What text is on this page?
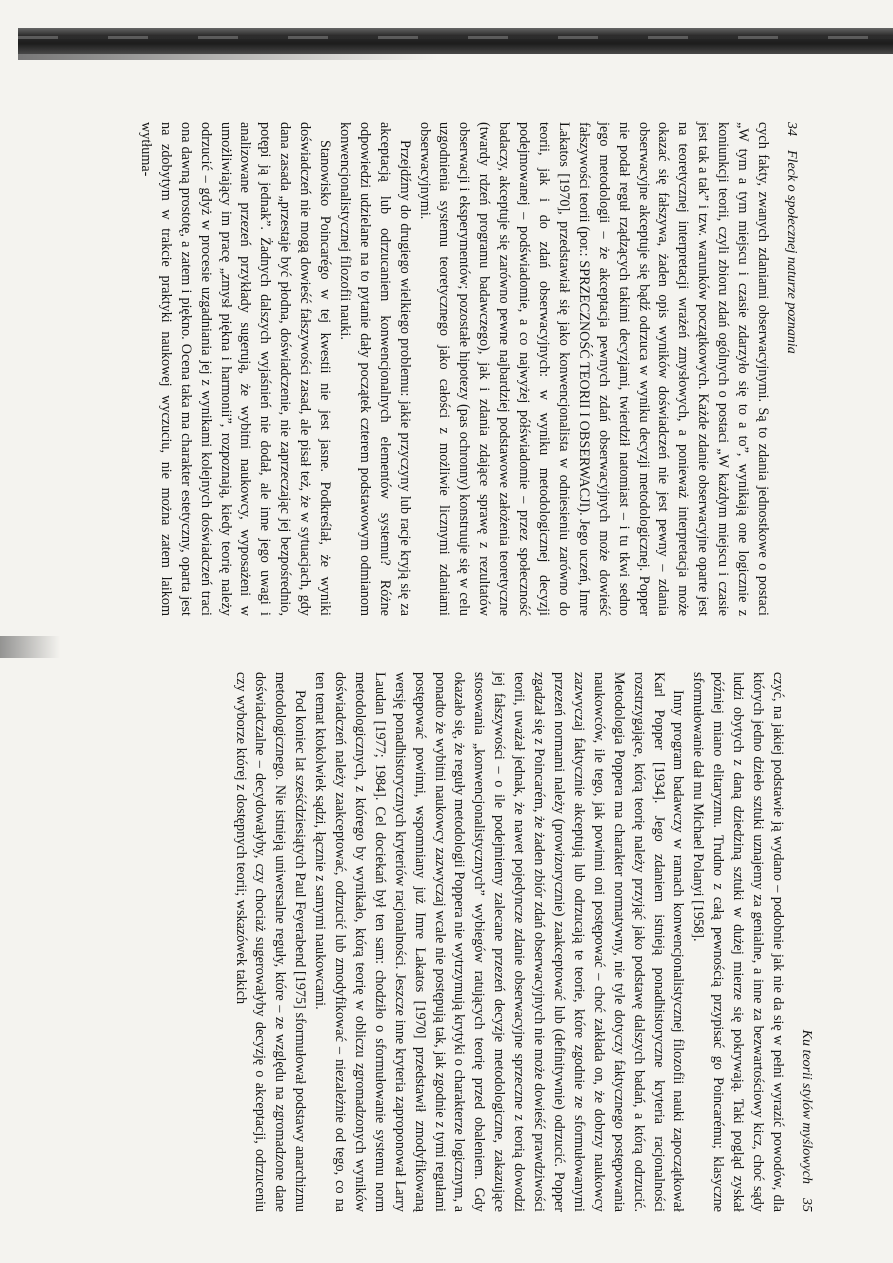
34
Fleck o społecznej naturze poznania

cych fakty, zwanych zdaniami obserwacyjnymi. Są to zdania jednostkowe o postaci „W tym a tym miejscu i czasie zdarzyło się to a to”, wynikają one logicznie z koniunkcji teorii, czyli zbioru zdań ogólnych o postaci „W każdym miejscu i czasie jest tak a tak” i tzw. warunków początkowych. Każde zdanie obserwacyjne oparte jest na teoretycznej interpretacji wrażeń zmysłowych, a ponieważ interpretacja może okazać się fałszywa, żaden opis wyników doświadczeń nie jest pewny – zdania obserwacyjne akceptuje się bądź odrzuca w wyniku decyzji metodologicznej. Popper nie podał reguł rządzących takimi decyzjami, twierdził natomiast – i tu tkwi sedno jego metodologii – że akceptacja pewnych zdań obserwacyjnych może dowieść fałszywości teorii (por.: SPRZECZNOŚĆ TEORII I OBSERWACJI). Jego uczeń, Imre Lakatos [1970], przedstawiał się jako konwencjonalista w odniesieniu zarówno do teorii, jak i do zdań obserwacyjnych: w wyniku metodologicznej decyzji podejmowanej – podświadomie, a co najwyżej półświadomie – przez społeczność badaczy, akceptuje się zarówno pewne najbardziej podstawowe założenia teoretyczne (twardy rdzeń programu badawczego), jak i zdania zdające sprawę z rezultatów obserwacji i eksperymentów; pozostałe hipotezy (pas ochronny) konstruuje się w celu uzgodnienia systemu teoretycznego jako całości z możliwie licznymi zdaniami obserwacyjnymi.

Przejdźmy do drugiego wielkiego problemu: jakie przyczyny lub racje kryją się za akceptacją lub odrzucaniem konwencjonalnych elementów systemu? Różne odpowiedzi udzielane na to pytanie dały początek czterem podstawowym odmianom konwencjonalistycznej filozofii nauki.

Stanowisko Poincarégo w tej kwestii nie jest jasne. Podkreślał, że wyniki doświadczeń nie mogą dowieść fałszywości zasad, ale pisał też, że w sytuacjach, gdy dana zasada „przestaje być płodna, doświadczenie, nie zaprzeczając jej bezpośrednio, potępi ją jednak”. Żadnych dalszych wyjaśnień nie dodał, ale inne jego uwagi i analizowane przezeń przykłady sugerują, że wybitni naukowcy, wyposażeni w umożliwiający im pracę „zmysł piękna i harmonii”, rozpoznają, kiedy teorię należy odrzucić – gdyż w procesie uzgadniania jej z wynikami kolejnych doświadczeń traci ona dawną prostotę, a zatem i piękno. Ocena taka ma charakter estetyczny, oparta jest na zdobytym w trakcie praktyki naukowej wyczuciu, nie można zatem laikom wytłuma-

Ku teorii stylów myślowych
35

czyć, na jakiej podstawie ją wydano – podobnie jak nie da się w pełni wyrazić powodów, dla których jedno dzieło sztuki uznajemy za genialne, a inne za bezwartościowy kicz, choć sądy ludzi obytych z daną dziedziną sztuki w dużej mierze się pokrywają. Taki pogląd zyskał później miano elitaryzmu. Trudno z całą pewnością przypisać go Poincarému; klasyczne sformułowanie dał mu Michael Polanyi [1958].

Inny program badawczy w ramach konwencjonalistycznej filozofii nauki zapoczątkował Karl Popper [1934]. Jego zdaniem istnieją ponadhistoryczne kryteria racjonalności rozstrzygające, którą teorię należy przyjąć jako podstawę dalszych badań, a którą odrzucić. Metodologia Poppera ma charakter normatywny, nie tyle dotyczy faktycznego postępowania naukowców, ile tego, jak powinni oni postępować – choć zakłada on, że dobrzy naukowcy zazwyczaj faktycznie akceptują lub odrzucają te teorie, które zgodnie ze sformułowanymi przezeń normami należy (prowizorycznie) zaakceptować lub (definitywnie) odrzucić. Popper zgadzał się z Poincarém, że żaden zbiór zdań obserwacyjnych nie może dowieść prawdziwości teorii, uważał jednak, że nawet pojedyncze zdanie obserwacyjne sprzeczne z teorią dowodzi jej fałszywości – o ile podejmiemy zalecane przezeń decyzje metodologiczne, zakazujące stosowania „konwencjonalistycznych” wybiegów ratujących teorię przed obaleniem. Gdy okazało się, że reguły metodologii Poppera nie wytrzymują krytyki o charakterze logicznym, a ponadto że wybitni naukowcy zazwyczaj wcale nie postępują tak, jak zgodnie z tymi regułami postępować powinni, wspomniany już Imre Lakatos [1970] przedstawił zmodyfikowaną wersję ponadhistorycznych kryteriów racjonalności. Jeszcze inne kryteria zaproponował Larry Laudan [1977; 1984]. Cel dociekań był ten sam: chodziło o sformułowanie systemu norm metodologicznych, z którego by wynikało, którą teorię w obliczu zgromadzonych wyników doświadczeń należy zaakceptować, odrzucić lub zmodyfikować – niezależnie od tego, co na ten temat ktokolwiek sądzi, łącznie z samymi naukowcami.

Pod koniec lat sześćdziesiątych Paul Feyerabend [1975] sformułował podstawy anarchizmu metodologicznego. Nie istnieją uniwersalne reguły, które – ze względu na zgromadzone dane doświadczalne – decydowałyby, czy chociaż sugerowałyby decyzję o akceptacji, odrzuceniu czy wyborze której z dostępnych teorii; wskazówek takich
